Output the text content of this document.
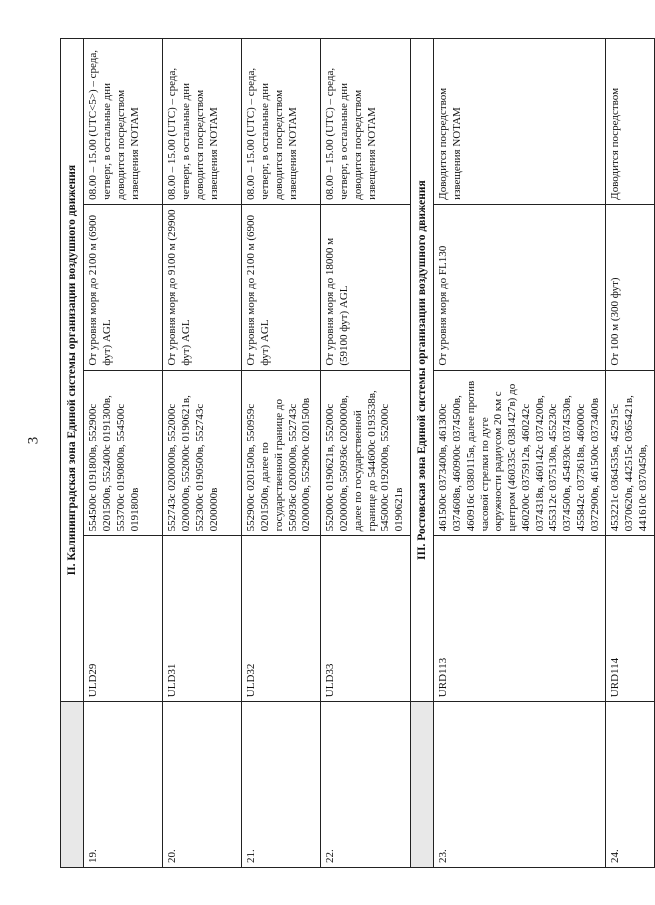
3
	II. Калининградская зона Единой системы организации воздушного движения			
19.	ULD29	554500с 0191800в, 552900с 0201500в, 552400с 0191300в, 553700с 0190800в, 554500с 0191800в	От уровня моря до 2100 м (6900 фут) AGL	08.00 – 15.00 (UTC<5>) – среда, четверг, в остальные дни доводится посредством извещения NOTAM
20.	ULD31	552743с 0200000в, 552000с 0200000в, 552000с 0190621в, 552300с 0190500в, 552743с 0200000в	От уровня моря до 9100 м (29900 фут) AGL	08.00 – 15.00 (UTC) – среда, четверг, в остальные дни доводится посредством извещения NOTAM
21.	ULD32	552900с 0201500в, 550959с 0201500в, далее по государственной границе до 550936с 0200000в, 552743с 0200000в, 552900с 0201500в	От уровня моря до 2100 м (6900 фут) AGL	08.00 – 15.00 (UTC) – среда, четверг, в остальные дни доводится посредством извещения NOTAM
22.	ULD33	552000с 0190621в, 552000с 0200000в, 550936с 0200000в, далее по государственной границе до 544600с 0193538в, 545000с 0192000в, 552000с 0190621в	От уровня моря до 18000 м (59100 фут) AGL	08.00 – 15.00 (UTC) – среда, четверг, в остальные дни доводится посредством извещения NOTAM
	III. Ростовская зона Единой системы организации воздушного движения			
23.	URD113	461500с 0373400в, 461300с 0374608в, 460900с 0374500в, 460916с 0380115в, далее против часовой стрелки по дуге окружности радиусом 20 км с центром (460335с 0381427в) до 460200с 0375912в, 460242с 0374318в, 460142с 0374200в, 455312с 0375130в, 455230с 0374500в, 454930с 0374530в, 455842с 0373618в, 460000с 0372900в, 461500с 0373400в	От уровня моря до FL130	Доводится посредством извещения NOTAM
24.	URD114	453221с 0364535в, 452915с 0370620в, 442515с 0365421в, 441610с 0370450в,	От 100 м (300 фут)	Доводится посредством
